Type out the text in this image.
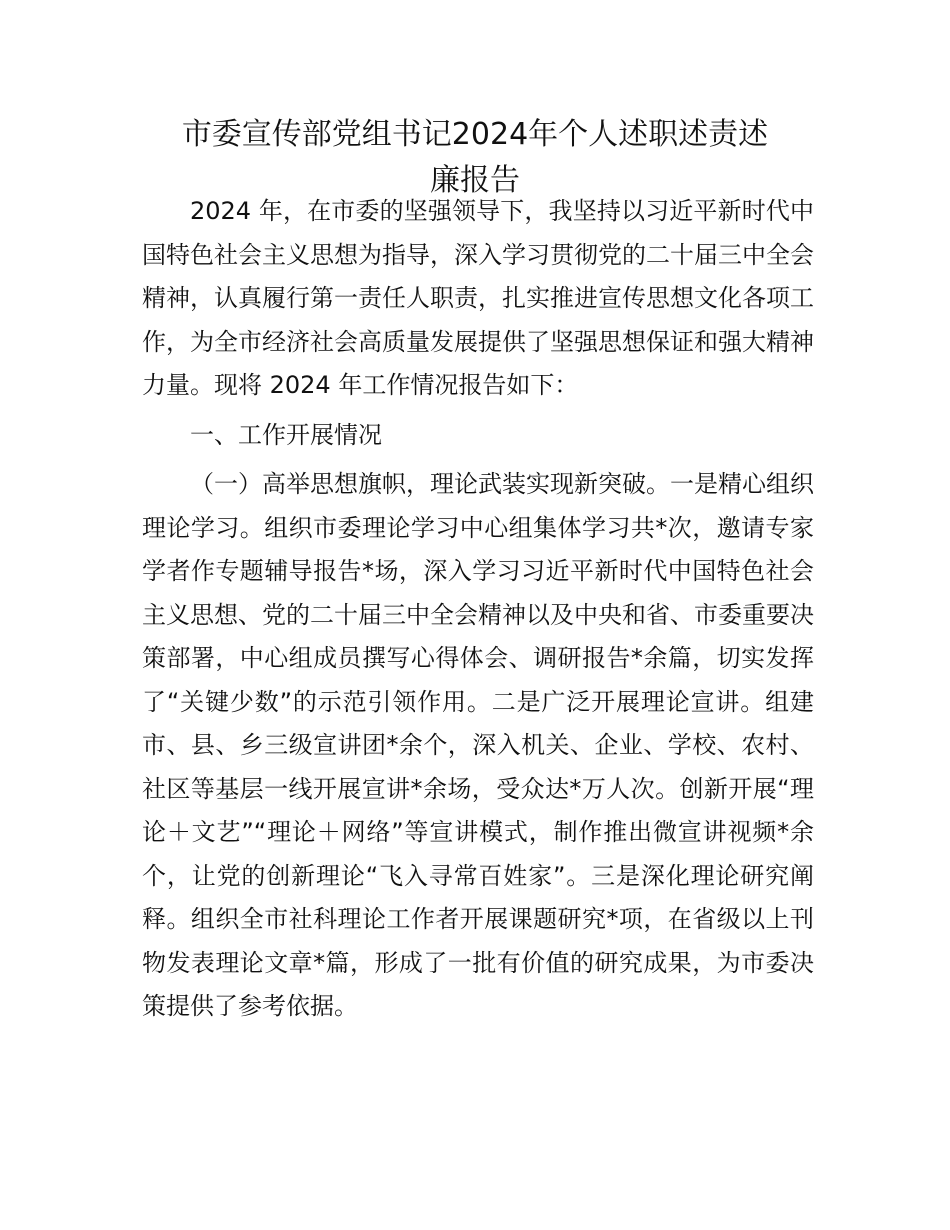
市委宣传部党组书记2024年个人述职述责述
廉报告

2024 年，在市委的坚强领导下，我坚持以习近平新时代中国特色社会主义思想为指导，深入学习贯彻党的二十届三中全会精神，认真履行第一责任人职责，扎实推进宣传思想文化各项工作，为全市经济社会高质量发展提供了坚强思想保证和强大精神力量。现将 2024 年工作情况报告如下：

一、工作开展情况

（一）高举思想旗帜，理论武装实现新突破。一是精心组织理论学习。组织市委理论学习中心组集体学习共*次，邀请专家学者作专题辅导报告*场，深入学习习近平新时代中国特色社会主义思想、党的二十届三中全会精神以及中央和省、市委重要决策部署，中心组成员撰写心得体会、调研报告*余篇，切实发挥了“关键少数”的示范引领作用。二是广泛开展理论宣讲。组建市、县、乡三级宣讲团*余个，深入机关、企业、学校、农村、社区等基层一线开展宣讲*余场，受众达*万人次。创新开展“理论＋文艺”“理论＋网络”等宣讲模式，制作推出微宣讲视频*余个，让党的创新理论“飞入寻常百姓家”。三是深化理论研究阐释。组织全市社科理论工作者开展课题研究*项，在省级以上刊物发表理论文章*篇，形成了一批有价值的研究成果，为市委决策提供了参考依据。
